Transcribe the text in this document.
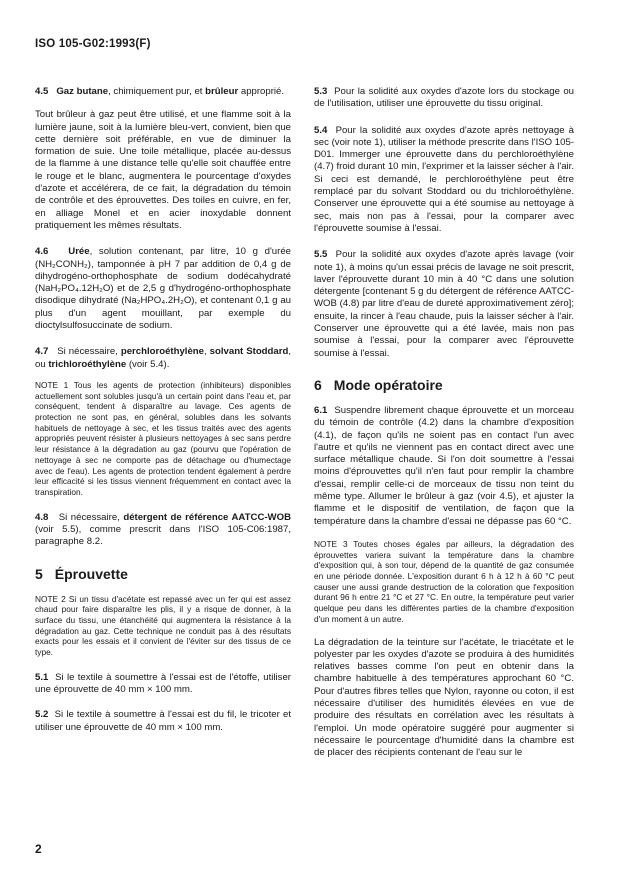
ISO 105-G02:1993(F)

4.5 Gaz butane, chimiquement pur, et brûleur approprié.

Tout brûleur à gaz peut être utilisé, et une flamme soit à la lumière jaune, soit à la lumière bleu-vert, convient, bien que cette dernière soit préférable, en vue de diminuer la formation de suie. Une toile métallique, placée au-dessus de la flamme à une distance telle qu'elle soit chauffée entre le rouge et le blanc, augmentera le pourcentage d'oxydes d'azote et accélérera, de ce fait, la dégradation du témoin de contrôle et des éprouvettes. Des toiles en cuivre, en fer, en alliage Monel et en acier inoxydable donnent pratiquement les mêmes résultats.

4.6 Urée, solution contenant, par litre, 10 g d'urée (NH₂CONH₂), tamponnée à pH 7 par addition de 0,4 g de dihydrogéno-orthophosphate de sodium dodécahydraté (NaH₂PO₄.12H₂O) et de 2,5 g d'hydrogéno-orthophosphate disodique dihydraté (Na₂HPO₄.2H₂O), et contenant 0,1 g au plus d'un agent mouillant, par exemple du dioctylsulfosuccinate de sodium.

4.7 Si nécessaire, perchloroéthylène, solvant Stoddard, ou trichloroéthylène (voir 5.4).

NOTE 1 Tous les agents de protection (inhibiteurs) disponibles actuellement sont solubles jusqu'à un certain point dans l'eau et, par conséquent, tendent à disparaître au lavage. Ces agents de protection ne sont pas, en général, solubles dans les solvants habituels de nettoyage à sec, et les tissus traités avec des agents appropriés peuvent résister à plusieurs nettoyages à sec sans perdre leur résistance à la dégradation au gaz (pourvu que l'opération de nettoyage à sec ne comporte pas de détachage ou d'humectage avec de l'eau). Les agents de protection tendent également à perdre leur efficacité si les tissus viennent fréquemment en contact avec la transpiration.

4.8 Si nécessaire, détergent de référence AATCC-WOB (voir 5.5), comme prescrit dans l'ISO 105-C06:1987, paragraphe 8.2.

5 Éprouvette

NOTE 2 Si un tissu d'acétate est repassé avec un fer qui est assez chaud pour faire disparaître les plis, il y a risque de donner, à la surface du tissu, une étanchéité qui augmentera la résistance à la dégradation au gaz. Cette technique ne conduit pas à des résultats exacts pour les essais et il convient de l'éviter sur des tissus de ce type.

5.1 Si le textile à soumettre à l'essai est de l'étoffe, utiliser une éprouvette de 40 mm × 100 mm.

5.2 Si le textile à soumettre à l'essai est du fil, le tricoter et utiliser une éprouvette de 40 mm × 100 mm.

5.3 Pour la solidité aux oxydes d'azote lors du stockage ou de l'utilisation, utiliser une éprouvette du tissu original.

5.4 Pour la solidité aux oxydes d'azote après nettoyage à sec (voir note 1), utiliser la méthode prescrite dans l'ISO 105-D01. Immerger une éprouvette dans du perchloroéthylène (4.7) froid durant 10 min, l'exprimer et la laisser sécher à l'air. Si ceci est demandé, le perchloroéthylène peut être remplacé par du solvant Stoddard ou du trichloroéthylène. Conserver une éprouvette qui a été soumise au nettoyage à sec, mais non pas à l'essai, pour la comparer avec l'éprouvette soumise à l'essai.

5.5 Pour la solidité aux oxydes d'azote après lavage (voir note 1), à moins qu'un essai précis de lavage ne soit prescrit, laver l'éprouvette durant 10 min à 40 °C dans une solution détergente [contenant 5 g du détergent de référence AATCC-WOB (4.8) par litre d'eau de dureté approximativement zéro]; ensuite, la rincer à l'eau chaude, puis la laisser sécher à l'air. Conserver une éprouvette qui a été lavée, mais non pas soumise à l'essai, pour la comparer avec l'éprouvette soumise à l'essai.

6 Mode opératoire

6.1 Suspendre librement chaque éprouvette et un morceau du témoin de contrôle (4.2) dans la chambre d'exposition (4.1), de façon qu'ils ne soient pas en contact l'un avec l'autre et qu'ils ne viennent pas en contact direct avec une surface métallique chaude. Si l'on doit soumettre à l'essai moins d'éprouvettes qu'il n'en faut pour remplir la chambre d'essai, remplir celle-ci de morceaux de tissu non teint du même type. Allumer le brûleur à gaz (voir 4.5), et ajuster la flamme et le dispositif de ventilation, de façon que la température dans la chambre d'essai ne dépasse pas 60 °C.

NOTE 3 Toutes choses égales par ailleurs, la dégradation des éprouvettes variera suivant la température dans la chambre d'exposition qui, à son tour, dépend de la quantité de gaz consumée en une période donnée. L'exposition durant 6 h à 12 h à 60 °C peut causer une aussi grande destruction de la coloration que l'exposition durant 96 h entre 21 °C et 27 °C. En outre, la température peut varier quelque peu dans les différentes parties de la chambre d'exposition d'un moment à un autre.

La dégradation de la teinture sur l'acétate, le triacétate et le polyester par les oxydes d'azote se produira à des humidités relatives basses comme l'on peut en obtenir dans la chambre habituelle à des températures approchant 60 °C. Pour d'autres fibres telles que Nylon, rayonne ou coton, il est nécessaire d'utiliser des humidités élevées en vue de produire des résultats en corrélation avec les résultats à l'emploi. Un mode opératoire suggéré pour augmenter si nécessaire le pourcentage d'humidité dans la chambre est de placer des récipients contenant de l'eau sur le

2
